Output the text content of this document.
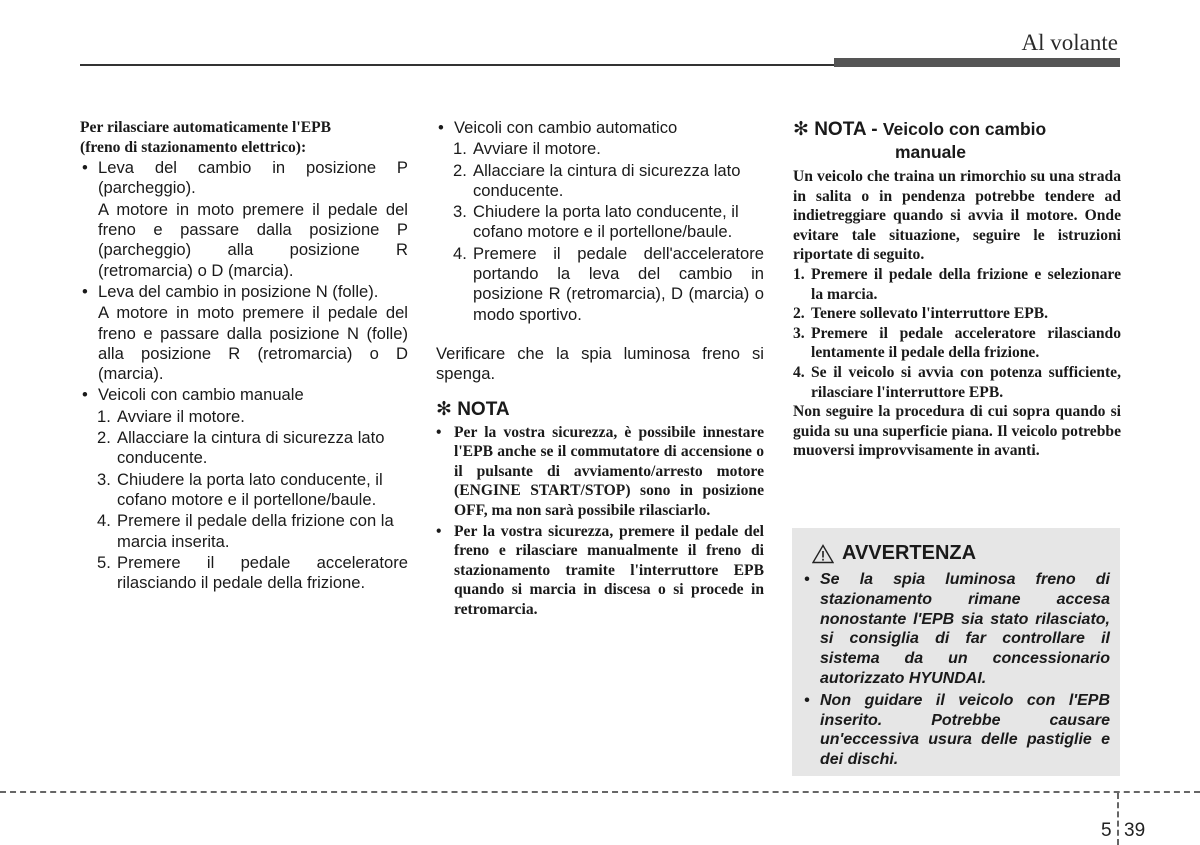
Al volante
Per rilasciare automaticamente l'EPB
(freno di stazionamento elettrico):
• Leva del cambio in posizione P (parcheggio).
A motore in moto premere il pedale del freno e passare dalla posizione P (parcheggio) alla posizione R (retromarcia) o D (marcia).
• Leva del cambio in posizione N (folle).
A motore in moto premere il pedale del freno e passare dalla posizione N (folle) alla posizione R (retromarcia) o D (marcia).
• Veicoli con cambio manuale
1. Avviare il motore.
2. Allacciare la cintura di sicurezza lato conducente.
3. Chiudere la porta lato conducente, il cofano motore e il portellone/baule.
4. Premere il pedale della frizione con la marcia inserita.
5. Premere il pedale acceleratore rilasciando il pedale della frizione.
• Veicoli con cambio automatico
1. Avviare il motore.
2. Allacciare la cintura di sicurezza lato conducente.
3. Chiudere la porta lato conducente, il cofano motore e il portellone/baule.
4. Premere il pedale dell'acceleratore portando la leva del cambio in posizione R (retromarcia), D (marcia) o modo sportivo.
Verificare che la spia luminosa freno si spenga.
✻ NOTA
• Per la vostra sicurezza, è possibile innestare l'EPB anche se il commutatore di accensione o il pulsante di avviamento/arresto motore (ENGINE START/STOP) sono in posizione OFF, ma non sarà possibile rilasciarlo.
• Per la vostra sicurezza, premere il pedale del freno e rilasciare manualmente il freno di stazionamento tramite l'interruttore EPB quando si marcia in discesa o si procede in retromarcia.
✻ NOTA - Veicolo con cambio
manuale
Un veicolo che traina un rimorchio su una strada in salita o in pendenza potrebbe tendere ad indietreggiare quando si avvia il motore. Onde evitare tale situazione, seguire le istruzioni riportate di seguito.
1. Premere il pedale della frizione e selezionare la marcia.
2. Tenere sollevato l'interruttore EPB.
3. Premere il pedale acceleratore rilasciando lentamente il pedale della frizione.
4. Se il veicolo si avvia con potenza sufficiente, rilasciare l'interruttore EPB.
Non seguire la procedura di cui sopra quando si guida su una superficie piana. Il veicolo potrebbe muoversi improvvisamente in avanti.
AVVERTENZA
• Se la spia luminosa freno di stazionamento rimane accesa nonostante l'EPB sia stato rilasciato, si consiglia di far controllare il sistema da un concessionario autorizzato HYUNDAI.
• Non guidare il veicolo con l'EPB inserito. Potrebbe causare un'eccessiva usura delle pastiglie e dei dischi.
5 39
